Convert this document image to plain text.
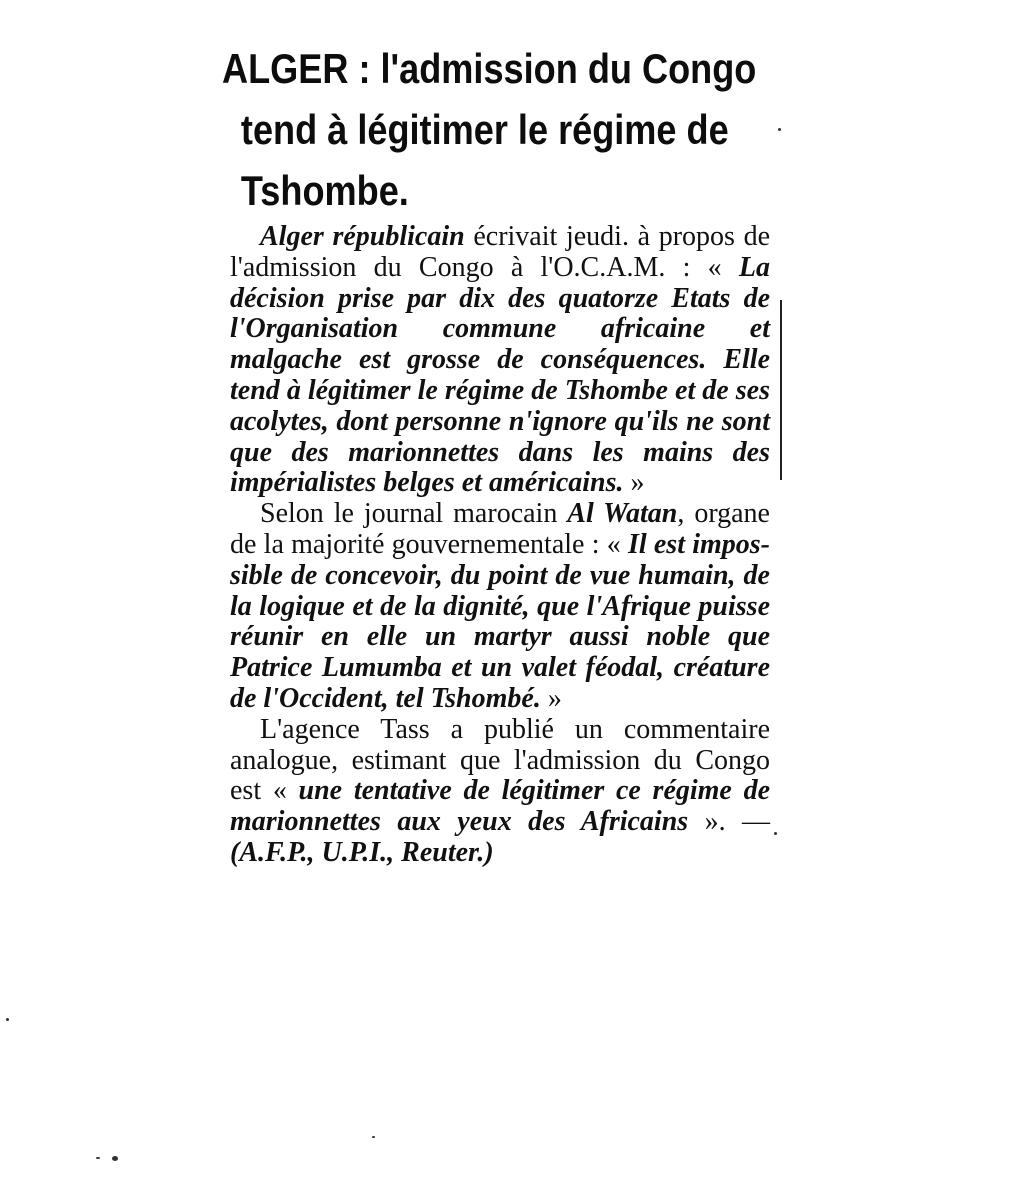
ALGER : l'admission du Congo
tend à légitimer le régime de
Tshombe.

Alger républicain écrivait jeudi. à propos de l'admission du Congo à l'O.C.A.M. : « La décision prise par dix des quatorze Etats de l'Organisation commune africaine et malgache est grosse de conséquences. Elle tend à légitimer le régime de Tshombe et de ses acolytes, dont personne n'ignore qu'ils ne sont que des marionnettes dans les mains des impérialistes belges et américains. »

Selon le journal marocain Al Watan, organe de la majorité gouvernementale : « Il est impossible de concevoir, du point de vue humain, de la logique et de la dignité, que l'Afrique puisse réunir en elle un martyr aussi noble que Patrice Lumumba et un valet féodal, créature de l'Occident, tel Tshombé. »

L'agence Tass a publié un commentaire analogue, estimant que l'admission du Congo est « une tentative de légitimer ce régime de marionnettes aux yeux des Africains ». — (A.F.P., U.P.I., Reuter.)
